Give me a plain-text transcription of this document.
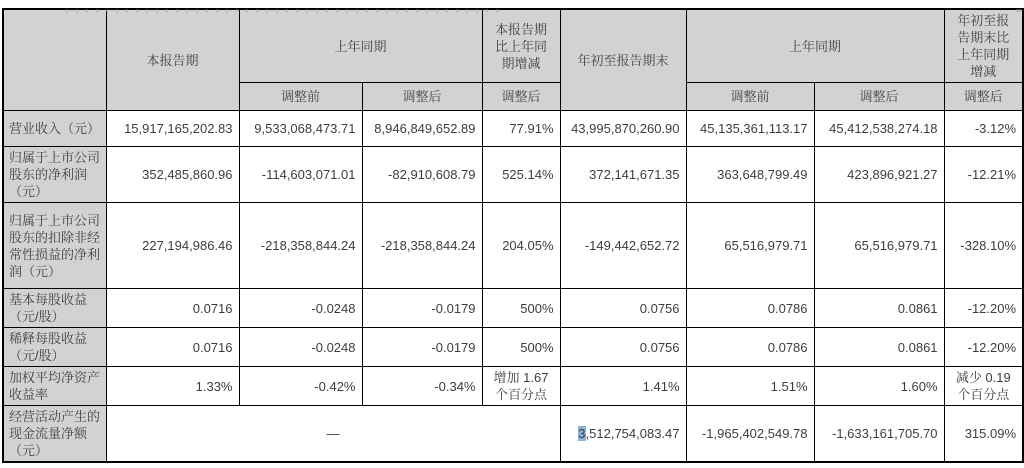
	本报告期	上年同期		本报告期比上年同期增减	年初至报告期末	上年同期		年初至报告期末比上年同期增减
		调整前	调整后	调整后		调整前	调整后	调整后
营业收入（元）	15,917,165,202.83	9,533,068,473.71	8,946,849,652.89	77.91%	43,995,870,260.90	45,135,361,113.17	45,412,538,274.18	-3.12%
归属于上市公司股东的净利润（元）	352,485,860.96	-114,603,071.01	-82,910,608.79	525.14%	372,141,671.35	363,648,799.49	423,896,921.27	-12.21%
归属于上市公司股东的扣除非经常性损益的净利润（元）	227,194,986.46	-218,358,844.24	-218,358,844.24	204.05%	-149,442,652.72	65,516,979.71	65,516,979.71	-328.10%
基本每股收益（元/股）	0.0716	-0.0248	-0.0179	500%	0.0756	0.0786	0.0861	-12.20%
稀释每股收益（元/股）	0.0716	-0.0248	-0.0179	500%	0.0756	0.0786	0.0861	-12.20%
加权平均净资产收益率	1.33%	-0.42%	-0.34%	增加 1.67 个百分点	1.41%	1.51%	1.60%	减少 0.19 个百分点
经营活动产生的现金流量净额（元）	—				3,512,754,083.47	-1,965,402,549.78	-1,633,161,705.70	315.09%
